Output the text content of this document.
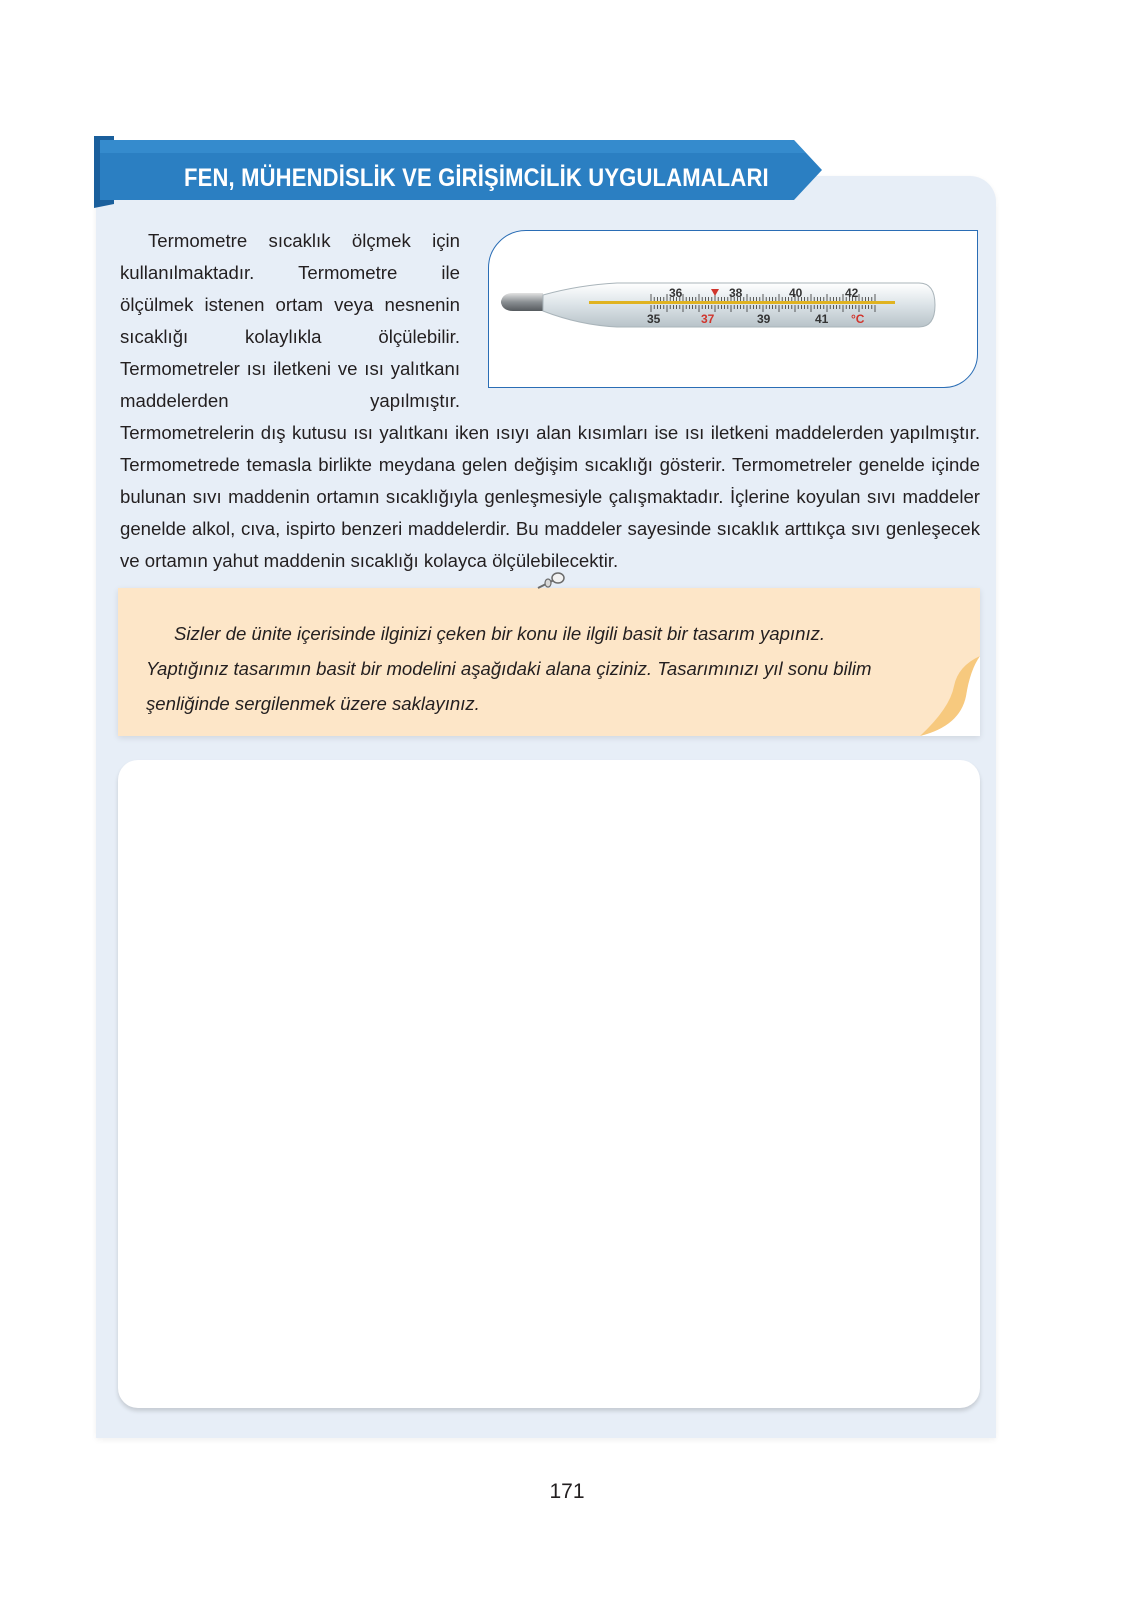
FEN, MÜHENDİSLİK VE GİRİŞİMCİLİK UYGULAMALARI
Termometre sıcaklık ölçmek için kullanılmaktadır. Termometre ile ölçülmek istenen ortam veya nesnenin sıcaklığı kolaylıkla ölçülebilir. Termometreler ısı iletkeni ve ısı yalıtkanı maddelerden yapılmıştır. Termometrelerin dış kutusu ısı yalıtkanı iken ısıyı alan kısımları ise ısı iletkeni maddelerden yapılmıştır. Termometrede temasla birlikte meydana gelen değişim sıcaklığı gösterir. Termometreler genelde içinde bulunan sıvı maddenin ortamın sıcaklığıyla genleşmesiyle çalışmaktadır. İçlerine koyulan sıvı maddeler genelde alkol, cıva, ispirto benzeri maddelerdir. Bu maddeler sayesinde sıcaklık arttıkça sıvı genleşecek ve ortamın yahut maddenin sıcaklığı kolayca ölçülebilecektir.
36	38	40	42
35	37	39	41 °C
Sizler de ünite içerisinde ilginizi çeken bir konu ile ilgili basit bir tasarım yapınız.
Yaptığınız tasarımın basit bir modelini aşağıdaki alana çiziniz. Tasarımınızı yıl sonu bilim
şenliğinde sergilenmek üzere saklayınız.
171
